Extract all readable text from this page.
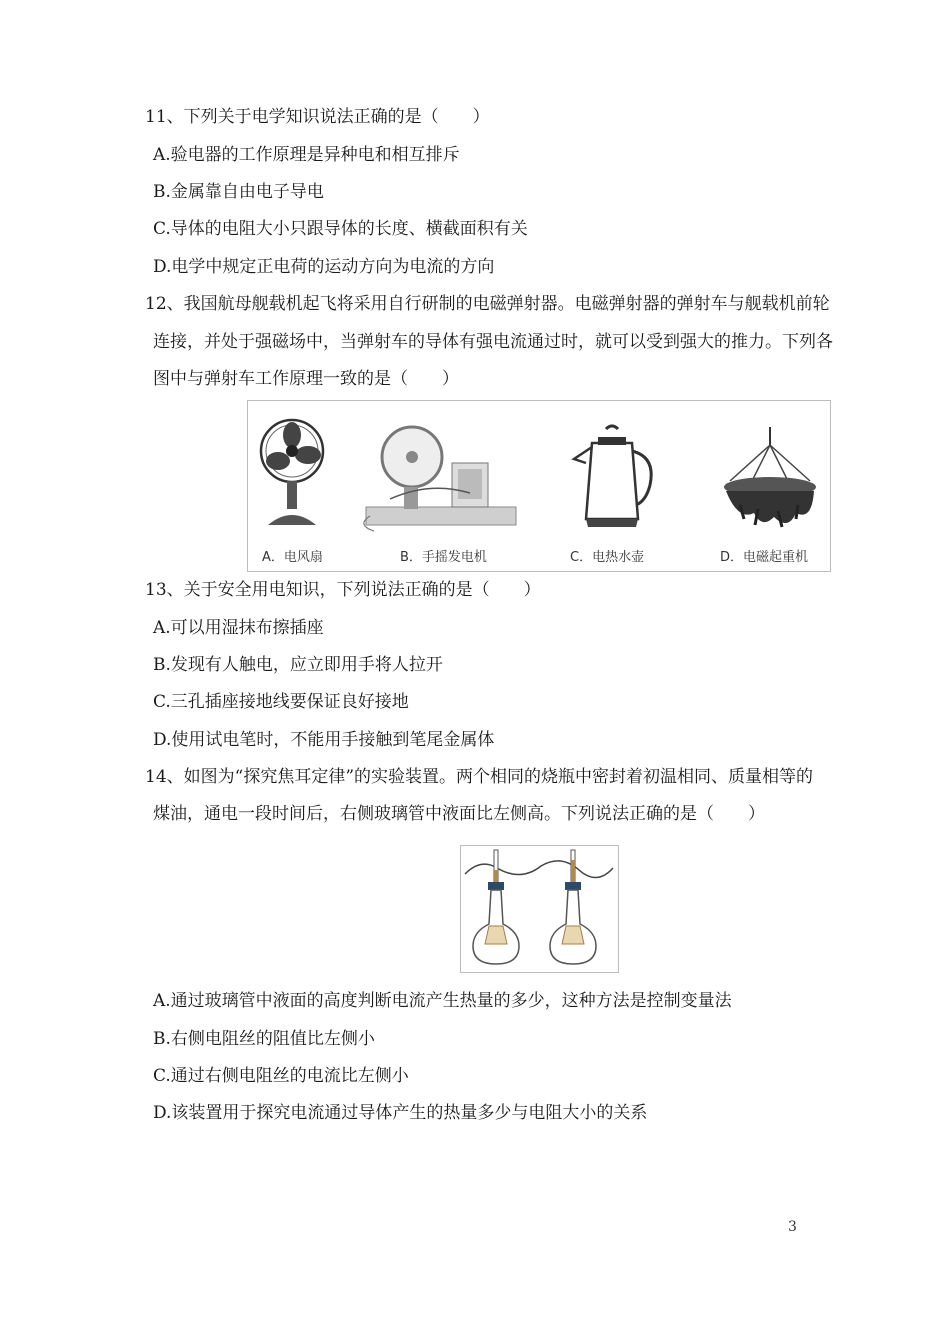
11、下列关于电学知识说法正确的是（　　）
A.验电器的工作原理是异种电和相互排斥
B.金属靠自由电子导电
C.导体的电阻大小只跟导体的长度、横截面积有关
D.电学中规定正电荷的运动方向为电流的方向
12、我国航母舰载机起飞将采用自行研制的电磁弹射器。电磁弹射器的弹射车与舰载机前轮
连接，并处于强磁场中，当弹射车的导体有强电流通过时，就可以受到强大的推力。下列各
图中与弹射车工作原理一致的是（　　）
A．电风扇	B．手摇发电机	C．电热水壶	D．电磁起重机
13、关于安全用电知识，下列说法正确的是（　　）
A.可以用湿抹布擦插座
B.发现有人触电，应立即用手将人拉开
C.三孔插座接地线要保证良好接地
D.使用试电笔时，不能用手接触到笔尾金属体
14、如图为“探究焦耳定律”的实验装置。两个相同的烧瓶中密封着初温相同、质量相等的
煤油，通电一段时间后，右侧玻璃管中液面比左侧高。下列说法正确的是（　　）
A.通过玻璃管中液面的高度判断电流产生热量的多少，这种方法是控制变量法
B.右侧电阻丝的阻值比左侧小
C.通过右侧电阻丝的电流比左侧小
D.该装置用于探究电流通过导体产生的热量多少与电阻大小的关系
3
